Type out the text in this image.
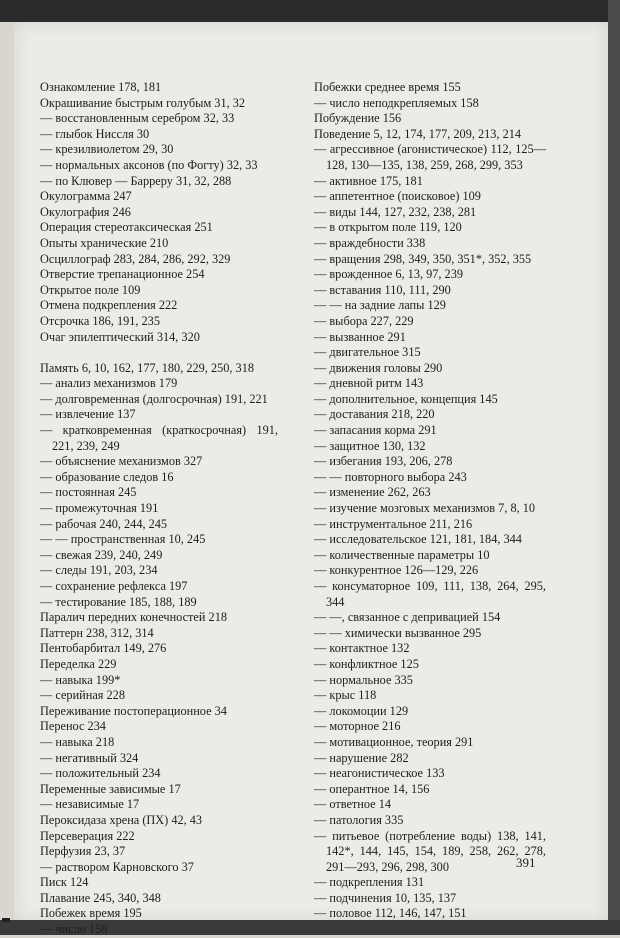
Ознакомление 178, 181

Окрашивание быстрым голубым 31, 32

— восстановленным серебром 32, 33

— глыбок Ниссля 30

— крезилвиолетом 29, 30

— нормальных аксонов (по Фогту) 32, 33

— по Клювер — Барреру 31, 32, 288

Окулограмма 247

Окулография 246

Операция стереотаксическая 251

Опыты хранические 210

Осциллограф 283, 284, 286, 292, 329

Отверстие трепанационное 254

Открытое поле 109

Отмена подкрепления 222

Отсрочка 186, 191, 235

Очаг эпилептический 314, 320

Память 6, 10, 162, 177, 180, 229, 250, 318

— анализ механизмов 179

— долговременная (долгосрочная) 191, 221

— извлечение 137

— кратковременная (краткосрочная) 191, 221, 239, 249

— объяснение механизмов 327

— образование следов 16

— постоянная 245

— промежуточная 191

— рабочая 240, 244, 245

— — пространственная 10, 245

— свежая 239, 240, 249

— следы 191, 203, 234

— сохранение рефлекса 197

— тестирование 185, 188, 189

Паралич передних конечностей 218

Паттерн 238, 312, 314

Пентобарбитал 149, 276

Переделка 229

— навыка 199*

— серийная 228

Переживание постоперационное 34

Перенос 234

— навыка 218

— негативный 324

— положительный 234

Переменные зависимые 17

— независимые 17

Пероксидаза хрена (ПХ) 42, 43

Персеверация 222

Перфузия 23, 37

— раствором Карновского 37

Писк 124

Плавание 245, 340, 348

Побежек время 195

— число 158

Побежки среднее время 155

— число неподкрепляемых 158

Побуждение 156

Поведение 5, 12, 174, 177, 209, 213, 214

— агрессивное (агонистическое) 112, 125—128, 130—135, 138, 259, 268, 299, 353

— активное 175, 181

— аппетентное (поисковое) 109

— виды 144, 127, 232, 238, 281

— в открытом поле 119, 120

— враждебности 338

— вращения 298, 349, 350, 351*, 352, 355

— врожденное 6, 13, 97, 239

— вставания 110, 111, 290

— — на задние лапы 129

— выбора 227, 229

— вызванное 291

— двигательное 315

— движения головы 290

— дневной ритм 143

— дополнительное, концепция 145

— доставания 218, 220

— запасания корма 291

— защитное 130, 132

— избегания 193, 206, 278

— — повторного выбора 243

— изменение 262, 263

— изучение мозговых механизмов 7, 8, 10

— инструментальное 211, 216

— исследовательское 121, 181, 184, 344

— количественные параметры 10

— конкурентное 126—129, 226

— консуматорное 109, 111, 138, 264, 295, 344

— —, связанное с депривацией 154

— — химически вызванное 295

— контактное 132

— конфликтное 125

— нормальное 335

— крыс 118

— локомоции 129

— моторное 216

— мотивационное, теория 291

— нарушение 282

— неагонистическое 133

— оперантное 14, 156

— ответное 14

— патология 335

— питьевое (потребление воды) 138, 141, 142*, 144, 145, 154, 189, 258, 262, 278, 291—293, 296, 298, 300

— подкрепления 131

— подчинения 10, 135, 137

— половое 112, 146, 147, 151

391
